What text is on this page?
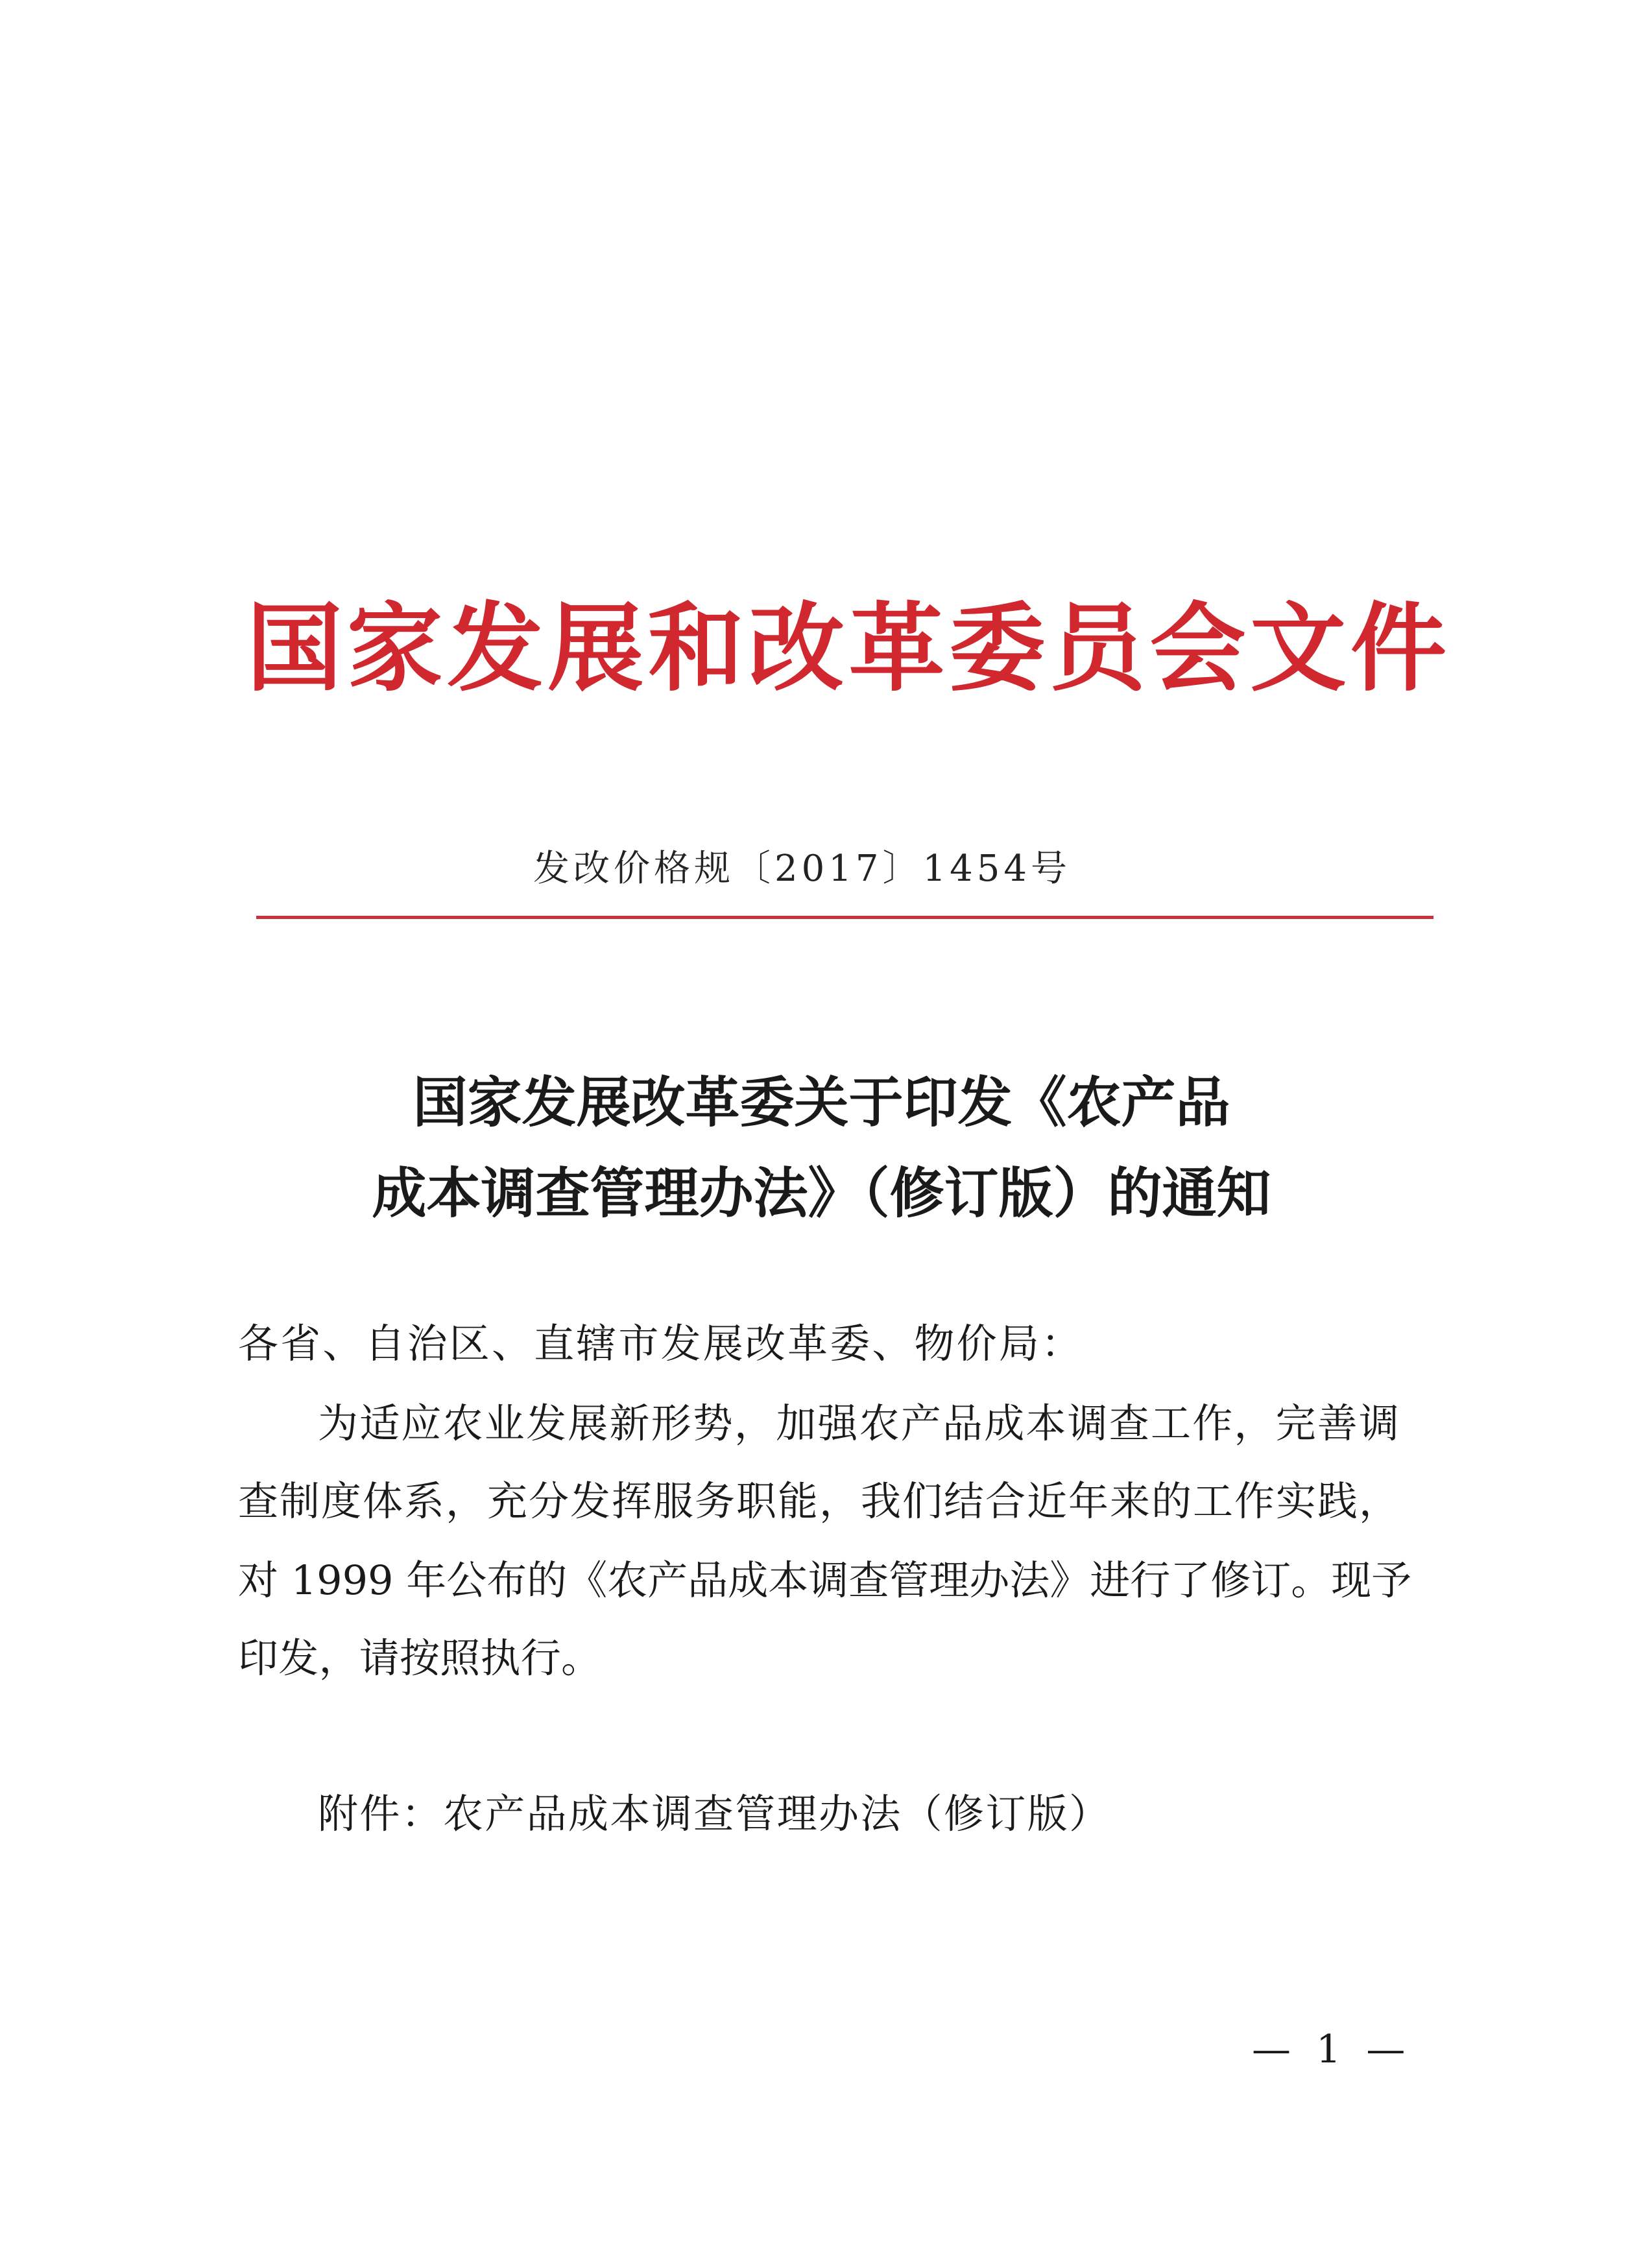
国家发展和改革委员会文件
发改价格规〔2017〕1454号
国家发展改革委关于印发《农产品
成本调查管理办法》（修订版）的通知
各省、自治区、直辖市发展改革委、物价局：
为适应农业发展新形势，加强农产品成本调查工作，完善调
查制度体系，充分发挥服务职能，我们结合近年来的工作实践，
对 1999 年公布的《农产品成本调查管理办法》进行了修订。现予
印发，请按照执行。
附件：农产品成本调查管理办法（修订版）
— 1 —
